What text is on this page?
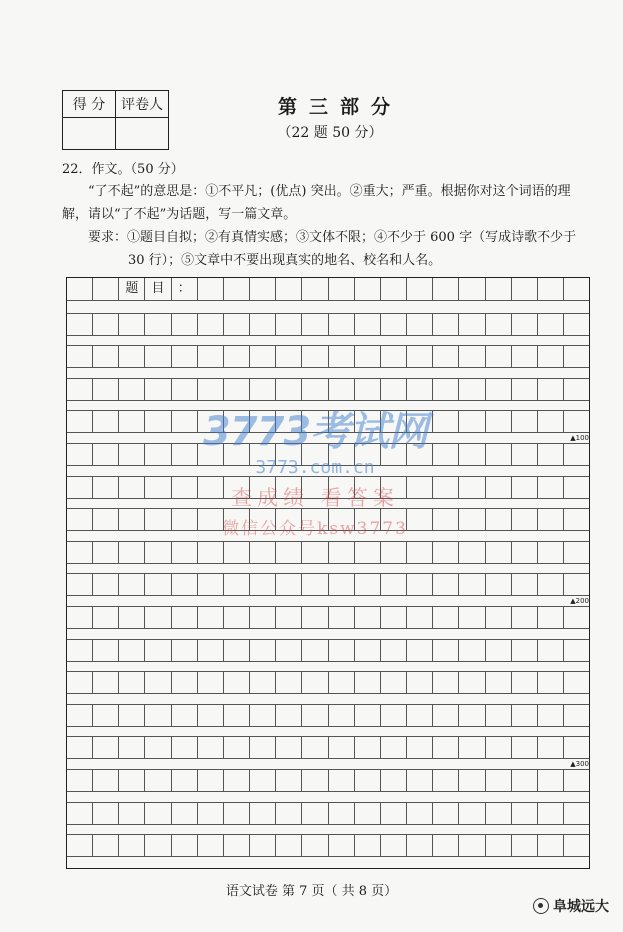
得 分	评卷人
		第三部分
（22 题 50 分）
22．作文。（50 分）

“了不起”的意思是：①不平凡；(优点) 突出。②重大；严重。根据你对这个词语的理解，请以“了不起”为话题，写一篇文章。

要求：①题目自拟；②有真情实感；③文体不限；④不少于 600 字（写成诗歌不少于
30 行）；⑤文章中不要出现真实的地名、校名和人名。
题	目	：
▲100
▲200
▲300
3773考试网
3773.com.cn
查成绩 看答案
微信公众号ksw3773
语文试卷 第 7 页（ 共 8 页）
阜城远大
